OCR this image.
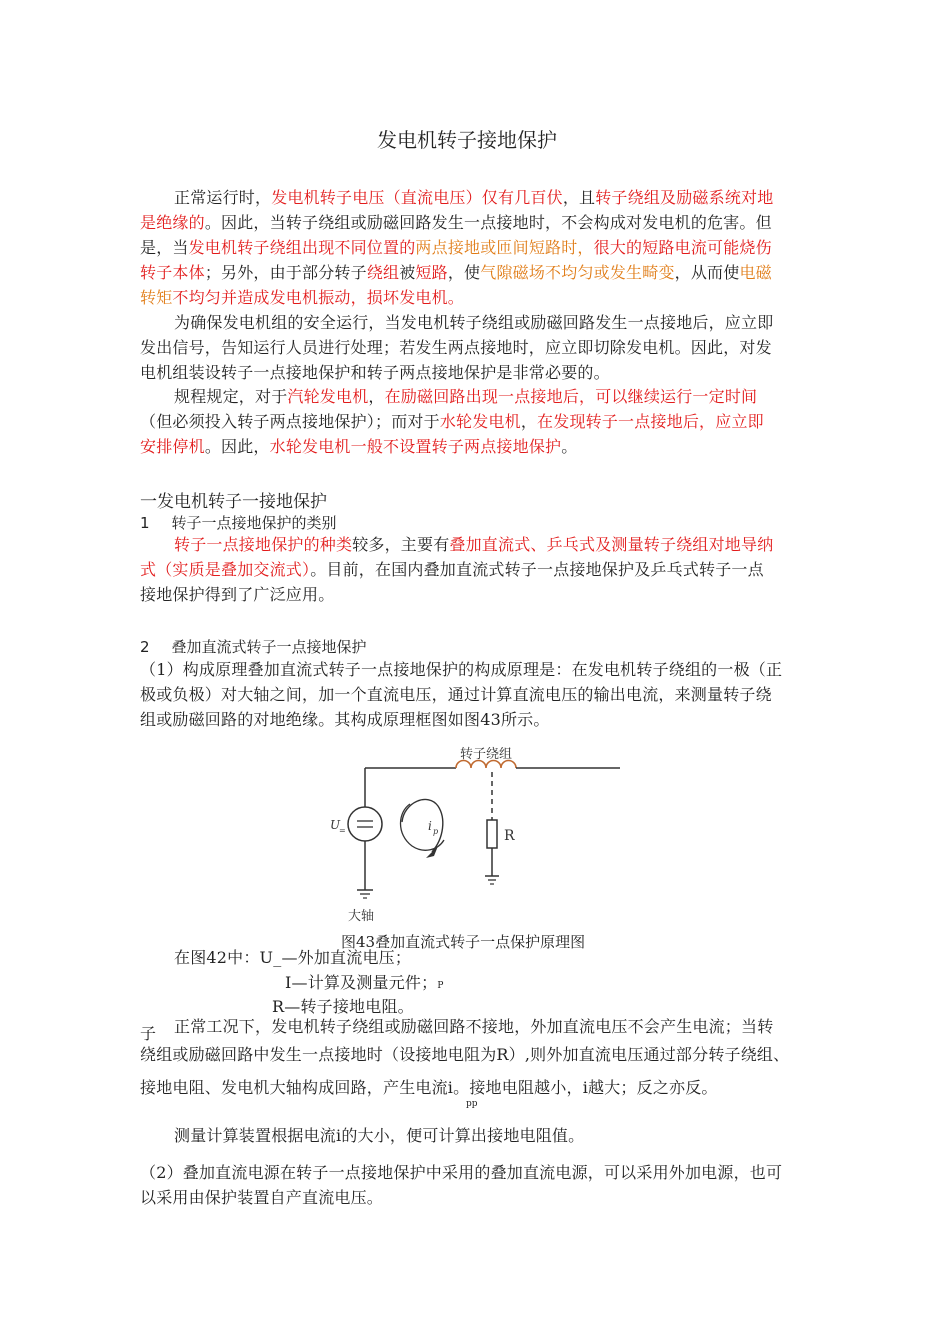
发电机转子接地保护
正常运行时，发电机转子电压（直流电压）仅有几百伏，且转子绕组及励磁系统对地
是绝缘的。因此，当转子绕组或励磁回路发生一点接地时，不会构成对发电机的危害。但
是，当发电机转子绕组出现不同位置的两点接地或匝间短路时，很大的短路电流可能烧伤
转子本体；另外，由于部分转子绕组被短路，使气隙磁场不均匀或发生畸变，从而使电磁
转矩不均匀并造成发电机振动，损坏发电机。
为确保发电机组的安全运行，当发电机转子绕组或励磁回路发生一点接地后，应立即
发出信号，告知运行人员进行处理；若发生两点接地时，应立即切除发电机。因此，对发
电机组装设转子一点接地保护和转子两点接地保护是非常必要的。
规程规定，对于汽轮发电机，在励磁回路出现一点接地后，可以继续运行一定时间
（但必须投入转子两点接地保护）；而对于水轮发电机，在发现转子一点接地后，应立即
安排停机。因此，水轮发电机一般不设置转子两点接地保护。
一发电机转子一接地保护
1 转子一点接地保护的类别
转子一点接地保护的种类较多，主要有叠加直流式、乒乓式及测量转子绕组对地导纳
式（实质是叠加交流式）。目前，在国内叠加直流式转子一点接地保护及乒乓式转子一点
接地保护得到了广泛应用。
2 叠加直流式转子一点接地保护
（1）构成原理叠加直流式转子一点接地保护的构成原理是：在发电机转子绕组的一极（正
极或负极）对大轴之间，加一个直流电压，通过计算直流电压的输出电流，来测量转子绕
组或励磁回路的对地绝缘。其构成原理框图如图43所示。
转子绕组
U
=
大轴
i p	R
图43叠加直流式转子一点保护原理图
在图42中：U_—外加直流电压；
I—计算及测量元件；P
R—转子接地电阻。
子 正常工况下，发电机转子绕组或励磁回路不接地，外加直流电压不会产生电流；当转
绕组或励磁回路中发生一点接地时（设接地电阻为R）,则外加直流电压通过部分转子绕组、
接地电阻、发电机大轴构成回路，产生电流i。接地电阻越小，i越大；反之亦反。
pp
测量计算装置根据电流i的大小，便可计算出接地电阻值。
（2）叠加直流电源在转子一点接地保护中采用的叠加直流电源，可以采用外加电源，也可
以采用由保护装置自产直流电压。
